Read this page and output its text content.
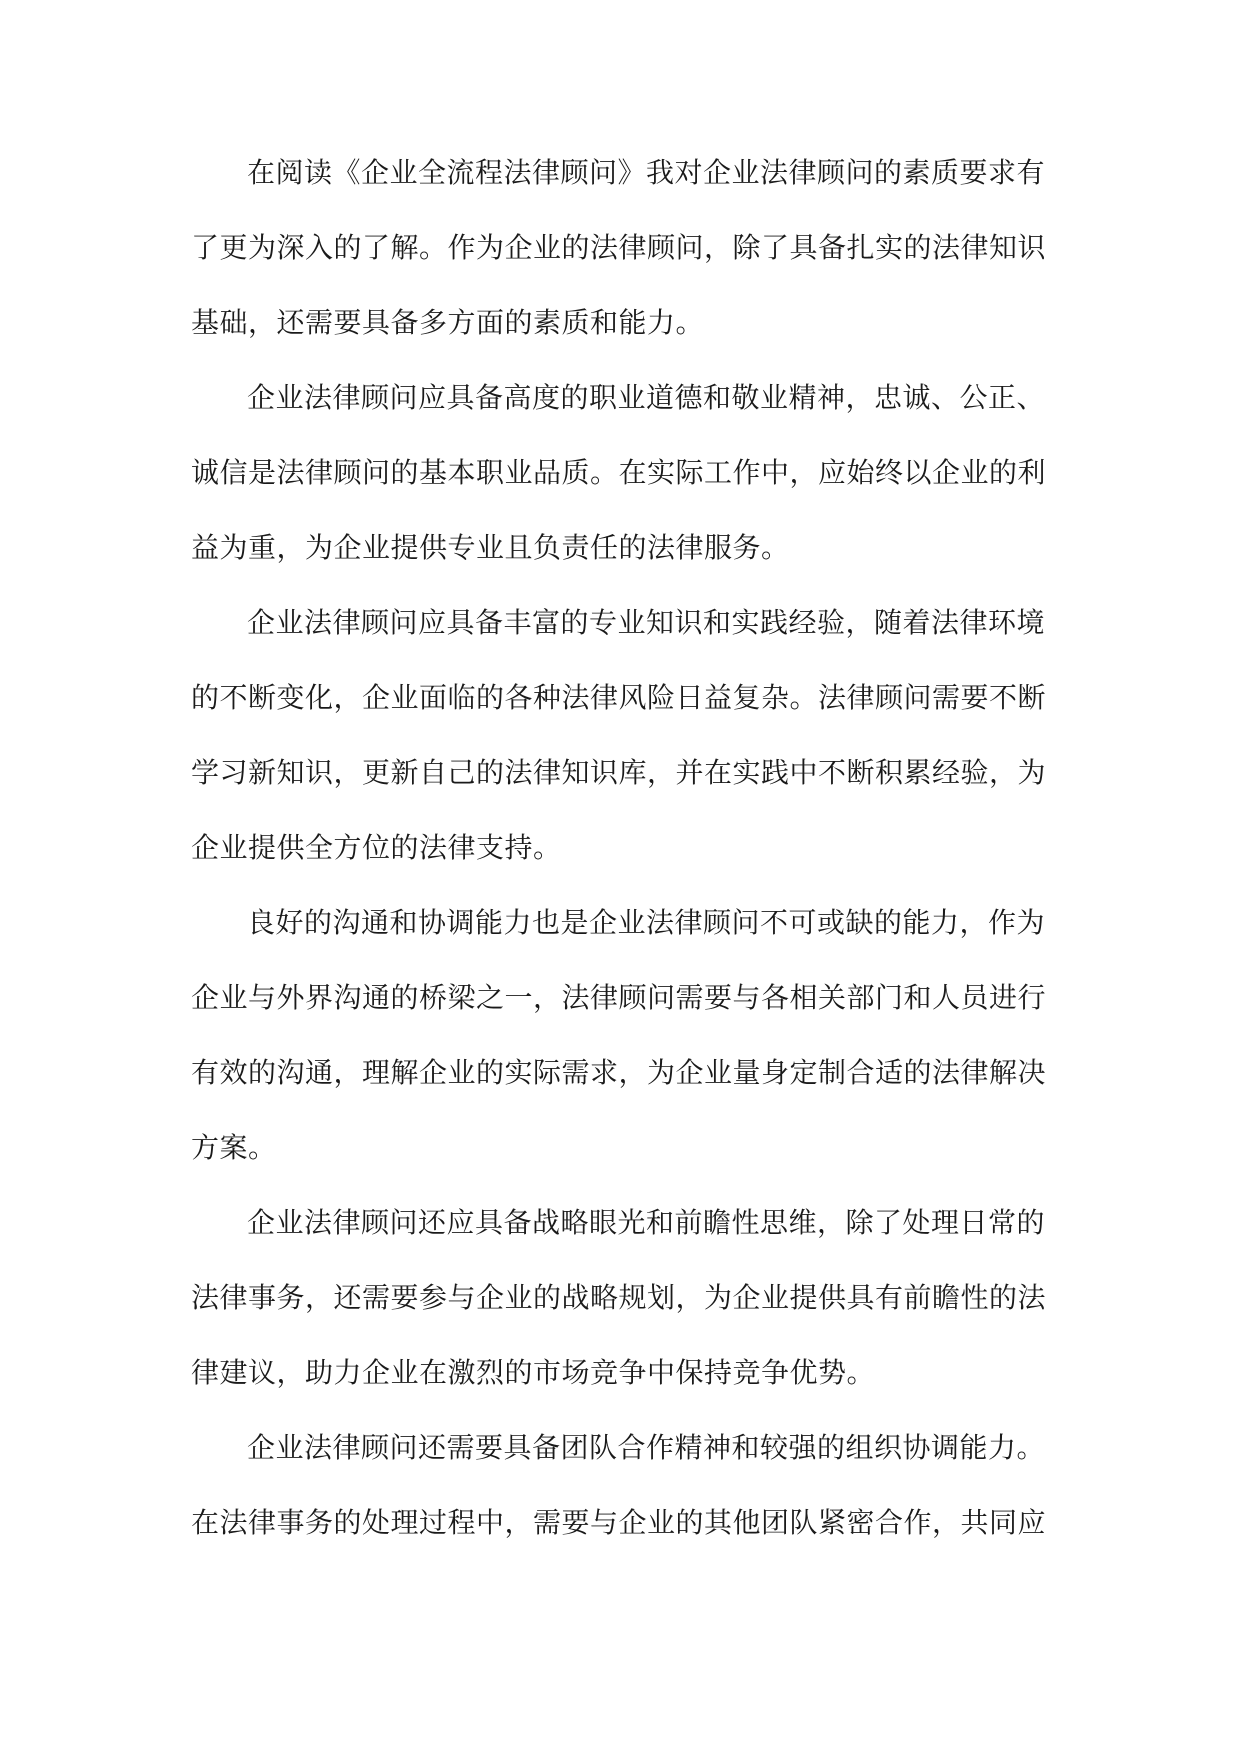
在阅读《企业全流程法律顾问》我对企业法律顾问的素质要求有
了更为深入的了解。作为企业的法律顾问，除了具备扎实的法律知识
基础，还需要具备多方面的素质和能力。
企业法律顾问应具备高度的职业道德和敬业精神，忠诚、公正、
诚信是法律顾问的基本职业品质。在实际工作中，应始终以企业的利
益为重，为企业提供专业且负责任的法律服务。
企业法律顾问应具备丰富的专业知识和实践经验，随着法律环境
的不断变化，企业面临的各种法律风险日益复杂。法律顾问需要不断
学习新知识，更新自己的法律知识库，并在实践中不断积累经验，为
企业提供全方位的法律支持。
良好的沟通和协调能力也是企业法律顾问不可或缺的能力，作为
企业与外界沟通的桥梁之一，法律顾问需要与各相关部门和人员进行
有效的沟通，理解企业的实际需求，为企业量身定制合适的法律解决
方案。
企业法律顾问还应具备战略眼光和前瞻性思维，除了处理日常的
法律事务，还需要参与企业的战略规划，为企业提供具有前瞻性的法
律建议，助力企业在激烈的市场竞争中保持竞争优势。
企业法律顾问还需要具备团队合作精神和较强的组织协调能力。
在法律事务的处理过程中，需要与企业的其他团队紧密合作，共同应
